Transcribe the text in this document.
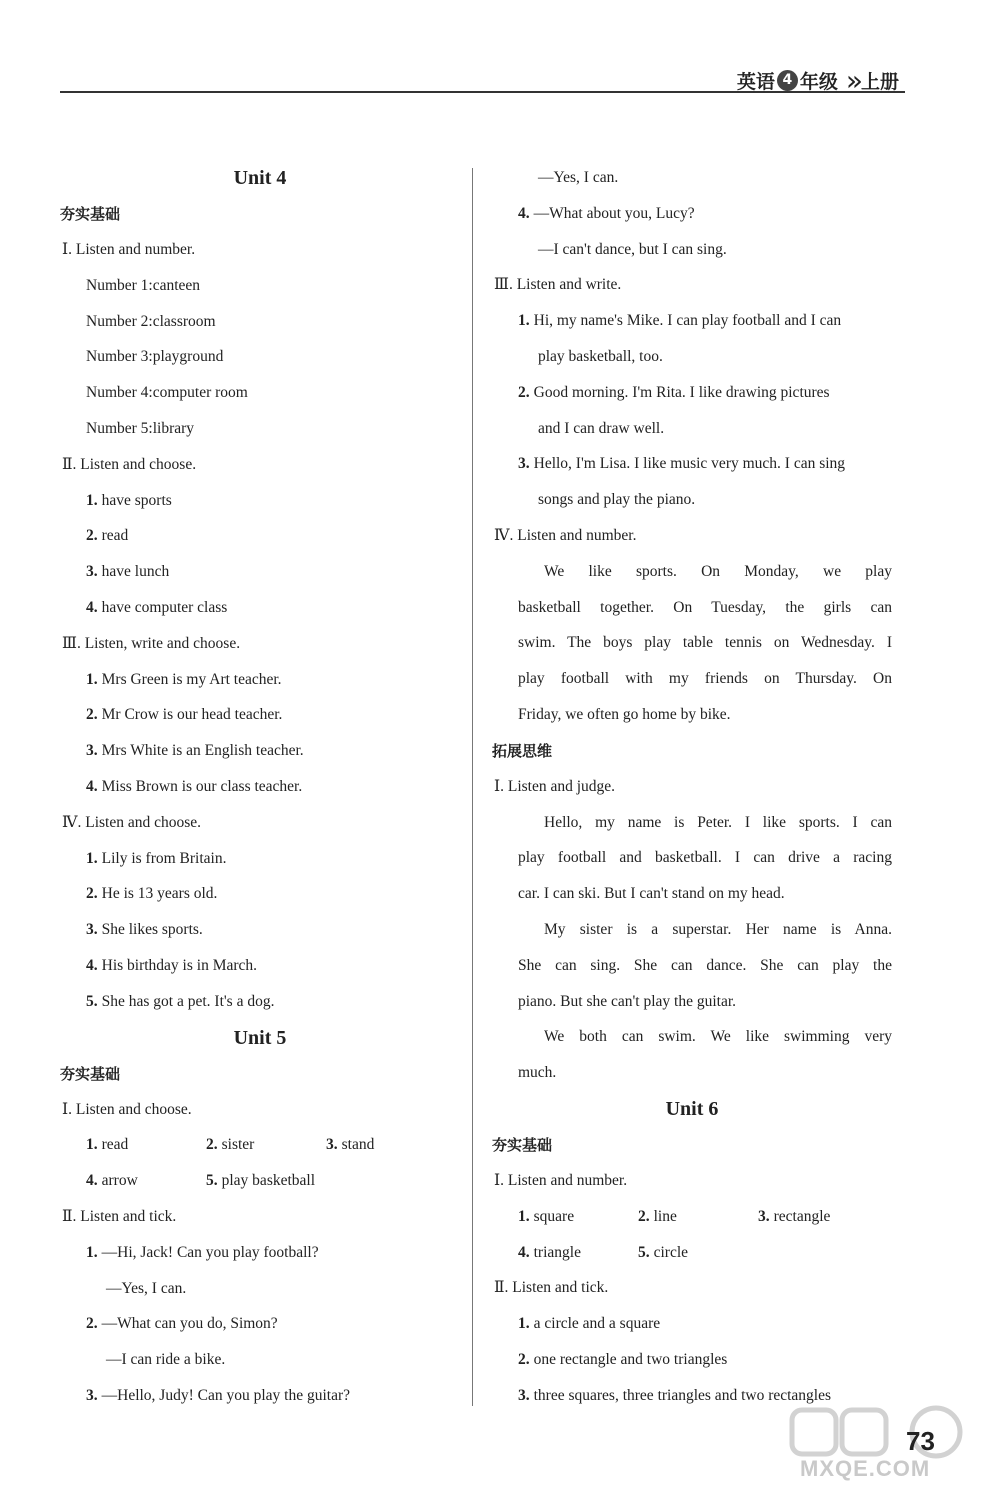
英语 4 年级 » 上册
Unit 4
夯实基础
Ⅰ. Listen and number.
Number 1:canteen
Number 2:classroom
Number 3:playground
Number 4:computer room
Number 5:library
Ⅱ. Listen and choose.
1. have sports
2. read
3. have lunch
4. have computer class
Ⅲ. Listen, write and choose.
1. Mrs Green is my Art teacher.
2. Mr Crow is our head teacher.
3. Mrs White is an English teacher.
4. Miss Brown is our class teacher.
Ⅳ. Listen and choose.
1. Lily is from Britain.
2. He is 13 years old.
3. She likes sports.
4. His birthday is in March.
5. She has got a pet. It's a dog.
Unit 5
夯实基础
Ⅰ. Listen and choose.
1. read	2. sister	3. stand
4. arrow	5. play basketball
Ⅱ. Listen and tick.
1. —Hi, Jack! Can you play football?
—Yes, I can.
2. —What can you do, Simon?
—I can ride a bike.
3. —Hello, Judy! Can you play the guitar?
—Yes, I can.
4. —What about you, Lucy?
—I can't dance, but I can sing.
Ⅲ. Listen and write.
1. Hi, my name's Mike. I can play football and I can
play basketball, too.
2. Good morning. I'm Rita. I like drawing pictures
and I can draw well.
3. Hello, I'm Lisa. I like music very much. I can sing
songs and play the piano.
Ⅳ. Listen and number.
We like sports. On Monday, we play
basketball together. On Tuesday, the girls can
swim. The boys play table tennis on Wednesday. I
play football with my friends on Thursday. On
Friday, we often go home by bike.
拓展思维
Ⅰ. Listen and judge.
Hello, my name is Peter. I like sports. I can
play football and basketball. I can drive a racing
car. I can ski. But I can't stand on my head.
My sister is a superstar. Her name is Anna.
She can sing. She can dance. She can play the
piano. But she can't play the guitar.
We both can swim. We like swimming very
much.
Unit 6
夯实基础
Ⅰ. Listen and number.
1. square	2. line	3. rectangle
4. triangle	5. circle
Ⅱ. Listen and tick.
1. a circle and a square
2. one rectangle and two triangles
3. three squares, three triangles and two rectangles
73
MXQE.COM
